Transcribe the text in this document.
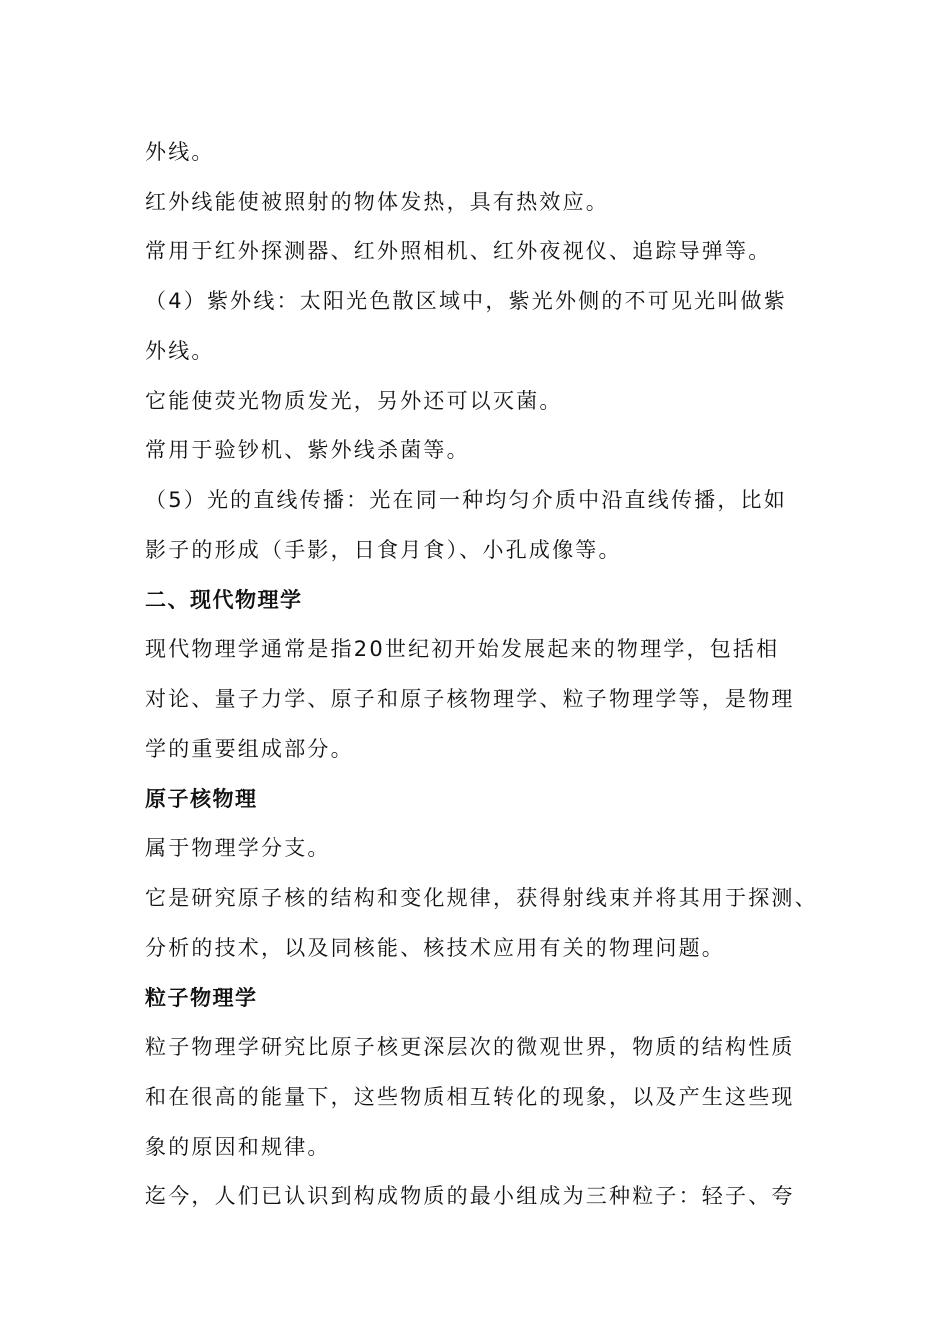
外线。
红外线能使被照射的物体发热，具有热效应。
常用于红外探测器、红外照相机、红外夜视仪、追踪导弹等。
（4）紫外线：太阳光色散区域中，紫光外侧的不可见光叫做紫
外线。
它能使荧光物质发光，另外还可以灭菌。
常用于验钞机、紫外线杀菌等。
（5）光的直线传播：光在同一种均匀介质中沿直线传播，比如
影子的形成（手影，日食月食）、小孔成像等。
二、现代物理学
现代物理学通常是指20世纪初开始发展起来的物理学，包括相
对论、量子力学、原子和原子核物理学、粒子物理学等，是物理
学的重要组成部分。
原子核物理
属于物理学分支。
它是研究原子核的结构和变化规律，获得射线束并将其用于探测、
分析的技术，以及同核能、核技术应用有关的物理问题。
粒子物理学
粒子物理学研究比原子核更深层次的微观世界，物质的结构性质
和在很高的能量下，这些物质相互转化的现象，以及产生这些现
象的原因和规律。
迄今，人们已认识到构成物质的最小组成为三种粒子：轻子、夸
